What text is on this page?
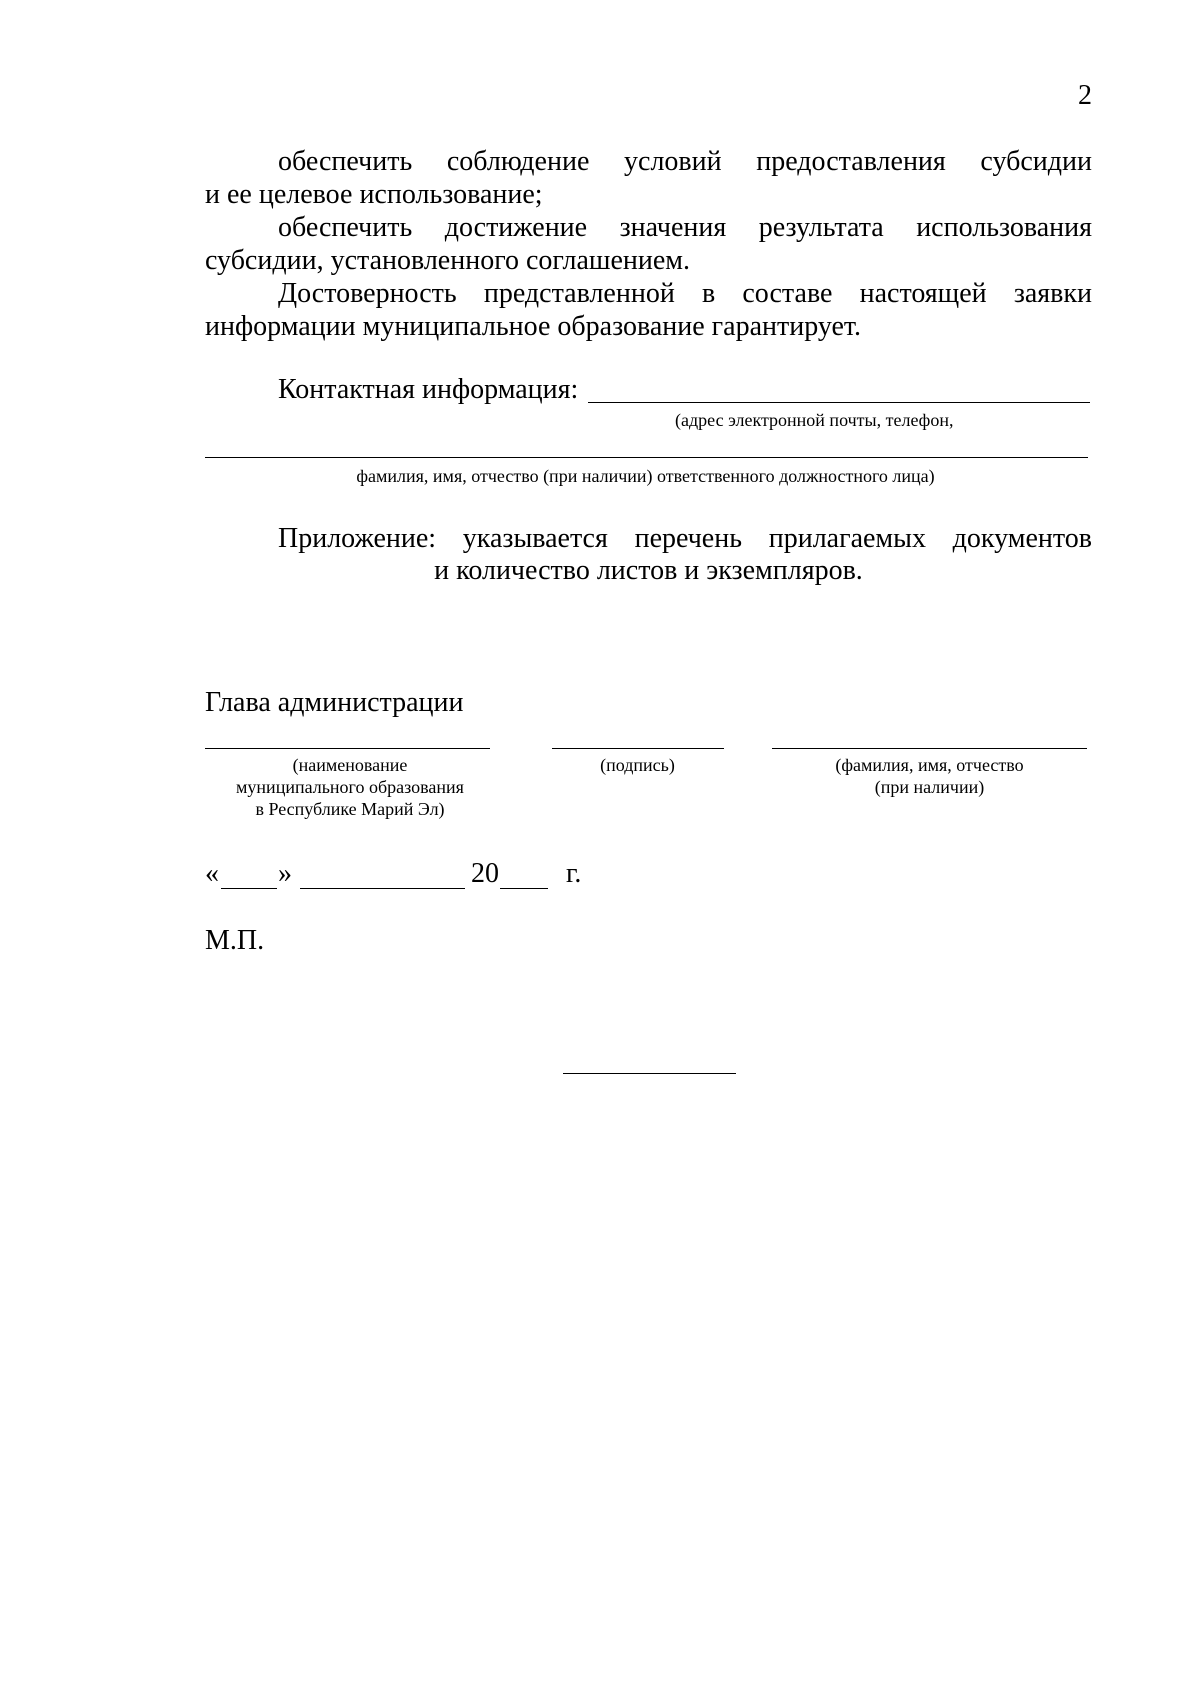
2
обеспечить соблюдение условий предоставления субсидии
и ее целевое использование;
обеспечить достижение значения результата использования
субсидии, установленного соглашением.
Достоверность представленной в составе настоящей заявки
информации муниципальное образование гарантирует.
Контактная информация:
(адрес электронной почты, телефон,
фамилия, имя, отчество (при наличии) ответственного должностного лица)
Приложение: указывается перечень прилагаемых документов
и количество листов и экземпляров.
Глава администрации
(наименование
муниципального образования
в Республике Марий Эл)
(подпись)	(фамилия, имя, отчество
(при наличии)
« »	20 г.
М.П.
